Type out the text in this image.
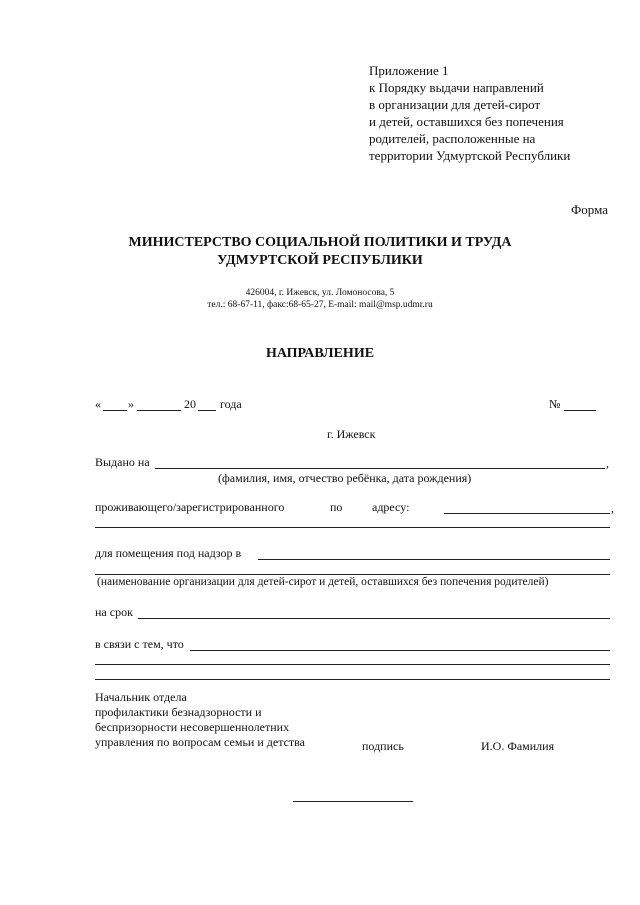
Приложение 1
к Порядку выдачи направлений
в организации для детей-сирот
и детей, оставшихся без попечения
родителей, расположенные на
территории Удмуртской Республики
Форма
МИНИСТЕРСТВО СОЦИАЛЬНОЙ ПОЛИТИКИ И ТРУДА
УДМУРТСКОЙ РЕСПУБЛИКИ
426004, г. Ижевск, ул. Ломоносова, 5
тел.: 68-67-11, факс:68-65-27, E-mail: mail@msp.udmr.ru
НАПРАВЛЕНИЕ
« »	20 года	№
г. Ижевск
Выдано на	,
(фамилия, имя, отчество ребёнка, дата рождения)
проживающего/зарегистрированного	по адресу:	,
для помещения под надзор в
(наименование организации для детей-сирот и детей, оставшихся без попечения родителей)
на срок
в связи с тем, что
Начальник отдела
профилактики безнадзорности и
беспризорности несовершеннолетних
управления по вопросам семьи и детства	подпись	И.О. Фамилия
